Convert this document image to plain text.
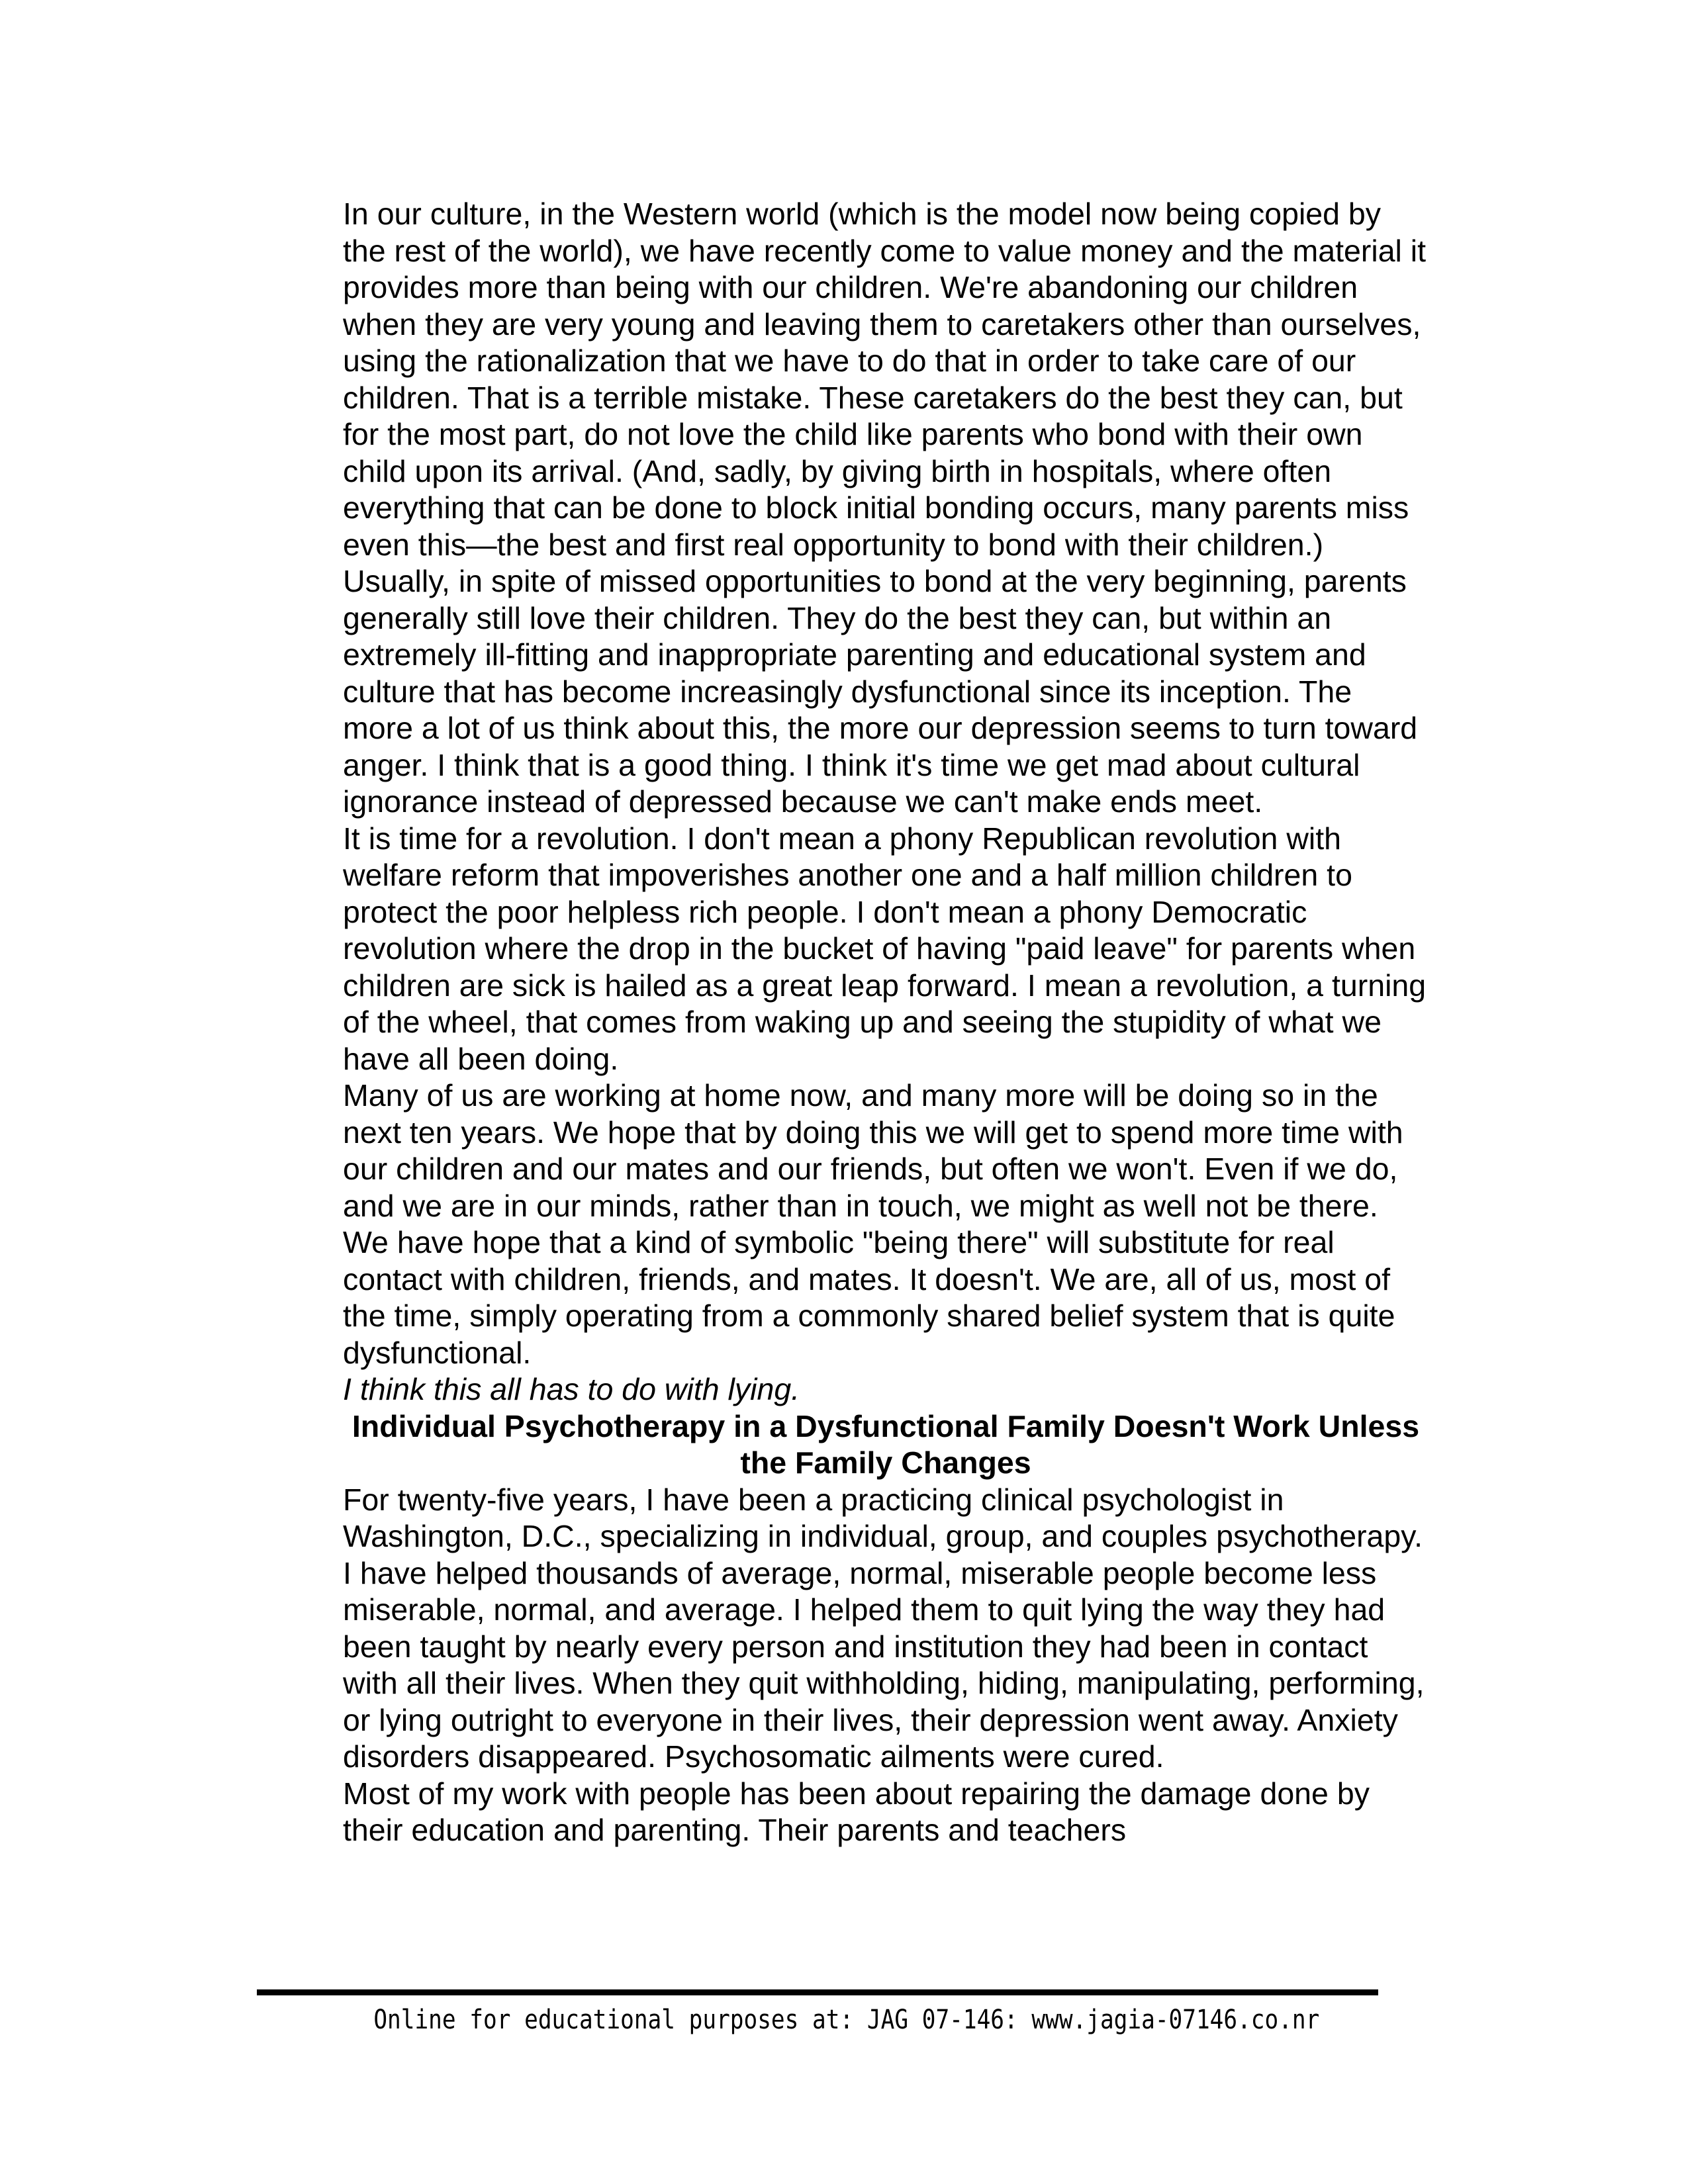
In our culture, in the Western world (which is the model now being copied by the rest of the world), we have recently come to value money and the material it provides more than being with our children. We're abandoning our children when they are very young and leaving them to caretakers other than ourselves, using the rationalization that we have to do that in order to take care of our children. That is a terrible mistake. These caretakers do the best they can, but for the most part, do not love the child like parents who bond with their own child upon its arrival. (And, sadly, by giving birth in hospitals, where often everything that can be done to block initial bonding occurs, many parents miss even this—the best and first real opportunity to bond with their children.) Usually, in spite of missed opportunities to bond at the very beginning, parents generally still love their children. They do the best they can, but within an extremely ill-fitting and inappropriate parenting and educational system and culture that has become increasingly dysfunctional since its inception. The more a lot of us think about this, the more our depression seems to turn toward anger. I think that is a good thing. I think it's time we get mad about cultural ignorance instead of depressed because we can't make ends meet.

It is time for a revolution. I don't mean a phony Republican revolution with welfare reform that impoverishes another one and a half million children to protect the poor helpless rich people. I don't mean a phony Democratic revolution where the drop in the bucket of having "paid leave" for parents when children are sick is hailed as a great leap forward. I mean a revolution, a turning of the wheel, that comes from waking up and seeing the stupidity of what we have all been doing.

Many of us are working at home now, and many more will be doing so in the next ten years. We hope that by doing this we will get to spend more time with our children and our mates and our friends, but often we won't. Even if we do, and we are in our minds, rather than in touch, we might as well not be there. We have hope that a kind of symbolic "being there" will substitute for real contact with children, friends, and mates. It doesn't. We are, all of us, most of the time, simply operating from a commonly shared belief system that is quite dysfunctional.

I think this all has to do with lying.

Individual Psychotherapy in a Dysfunctional Family Doesn't Work Unless the Family Changes

For twenty-five years, I have been a practicing clinical psychologist in Washington, D.C., specializing in individual, group, and couples psychotherapy. I have helped thousands of average, normal, miserable people become less miserable, normal, and average. I helped them to quit lying the way they had been taught by nearly every person and institution they had been in contact with all their lives. When they quit withholding, hiding, manipulating, performing, or lying outright to everyone in their lives, their depression went away. Anxiety disorders disappeared. Psychosomatic ailments were cured.

Most of my work with people has been about repairing the damage done by their education and parenting. Their parents and teachers

Online for educational purposes at: JAG 07-146: www.jagia-07146.co.nr
